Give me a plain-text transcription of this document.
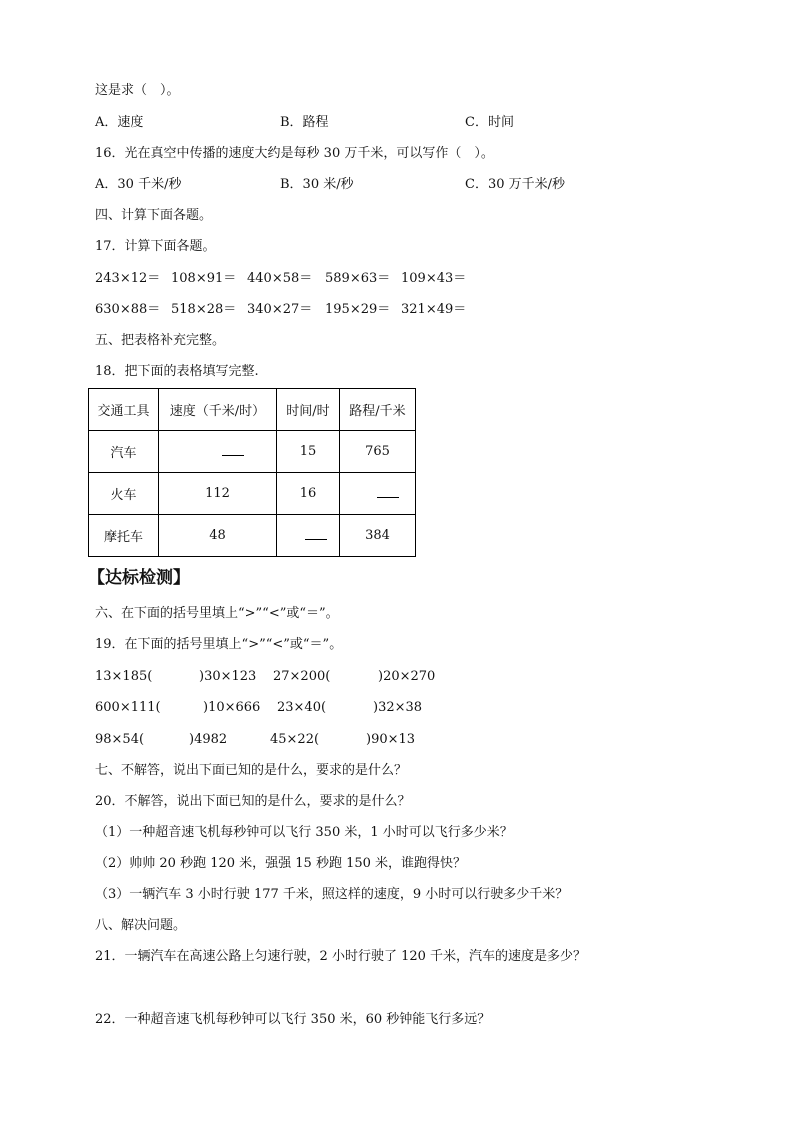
这是求（　）。
A．速度	B．路程	C．时间
16．光在真空中传播的速度大约是每秒 30 万千米，可以写作（　）。
A．30 千米/秒	B．30 米/秒	C．30 万千米/秒
四、计算下面各题。
17．计算下面各题。
243×12＝ 108×91＝ 440×58＝ 589×63＝ 109×43＝
630×88＝ 518×28＝ 340×27＝ 195×29＝ 321×49＝
五、把表格补充完整。
18．把下面的表格填写完整.
交通工具	速度（千米/时）	时间/时	路程/千米
汽车		15	765
火车	112	16	
摩托车	48		384
【达标检测】
六、在下面的括号里填上“>”“<”或“＝”。
19．在下面的括号里填上“>”“<”或“＝”。
13×185(	)30×123 27×200(	)20×270
600×111(	)10×666 23×40(	)32×38
98×54(	)4982	45×22(	)90×13
七、不解答，说出下面已知的是什么，要求的是什么？
20．不解答，说出下面已知的是什么，要求的是什么？
（1）一种超音速飞机每秒钟可以飞行 350 米，1 小时可以飞行多少米？
（2）帅帅 20 秒跑 120 米，强强 15 秒跑 150 米，谁跑得快？
（3）一辆汽车 3 小时行驶 177 千米，照这样的速度，9 小时可以行驶多少千米？
八、解决问题。
21．一辆汽车在高速公路上匀速行驶，2 小时行驶了 120 千米，汽车的速度是多少？
22．一种超音速飞机每秒钟可以飞行 350 米，60 秒钟能飞行多远？
